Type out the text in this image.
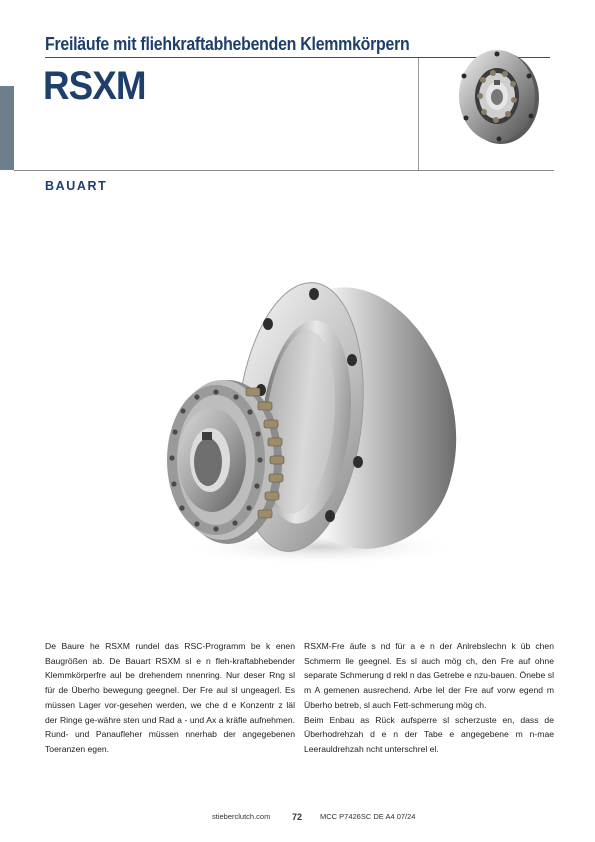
Freiläufe mit fliehkraftabhebenden Klemmkörpern
RSXM
BAUART

De Baure he RSXM rundel das RSC-Programm be k enen Baugrößen ab. De Bauart RSXM sl e n fleh-kraftabhebender Klemmkörperfre aul be drehendem nnenring. Nur deser Rng sl für de Überho bewegung geegnel. Der Fre aul sl ungeagerl. Es müssen Lager vor-gesehen werden, we che d e Konzentr z läl der Ringe ge-währe sten und Rad a - und Ax a kräfle aufnehmen. Rund- und Panaufleher müssen nnerhab der angegebenen Toeranzen egen.

RSXM-Fre äufe s nd für a e n der Anlrebslechn k üb chen Schmerm lle geegnel. Es sl auch mög ch, den Fre auf ohne separate Schmerung d rekl n das Getrebe e nzu-bauen. Önebe sl m A gemenen ausrechend. Arbe lel der Fre auf vorw egend m Überho betreb, sl auch Fett-schmerung mög ch.

Beim Enbau as Rück aufsperre sl scherzuste en, dass de Überhodrehzah d e n der Tabe e angegebene m n-mae Leerauldrehzah ncht unterschrel el.

stieberclutch.com 72 MCC P7426SC DE A4 07/24
